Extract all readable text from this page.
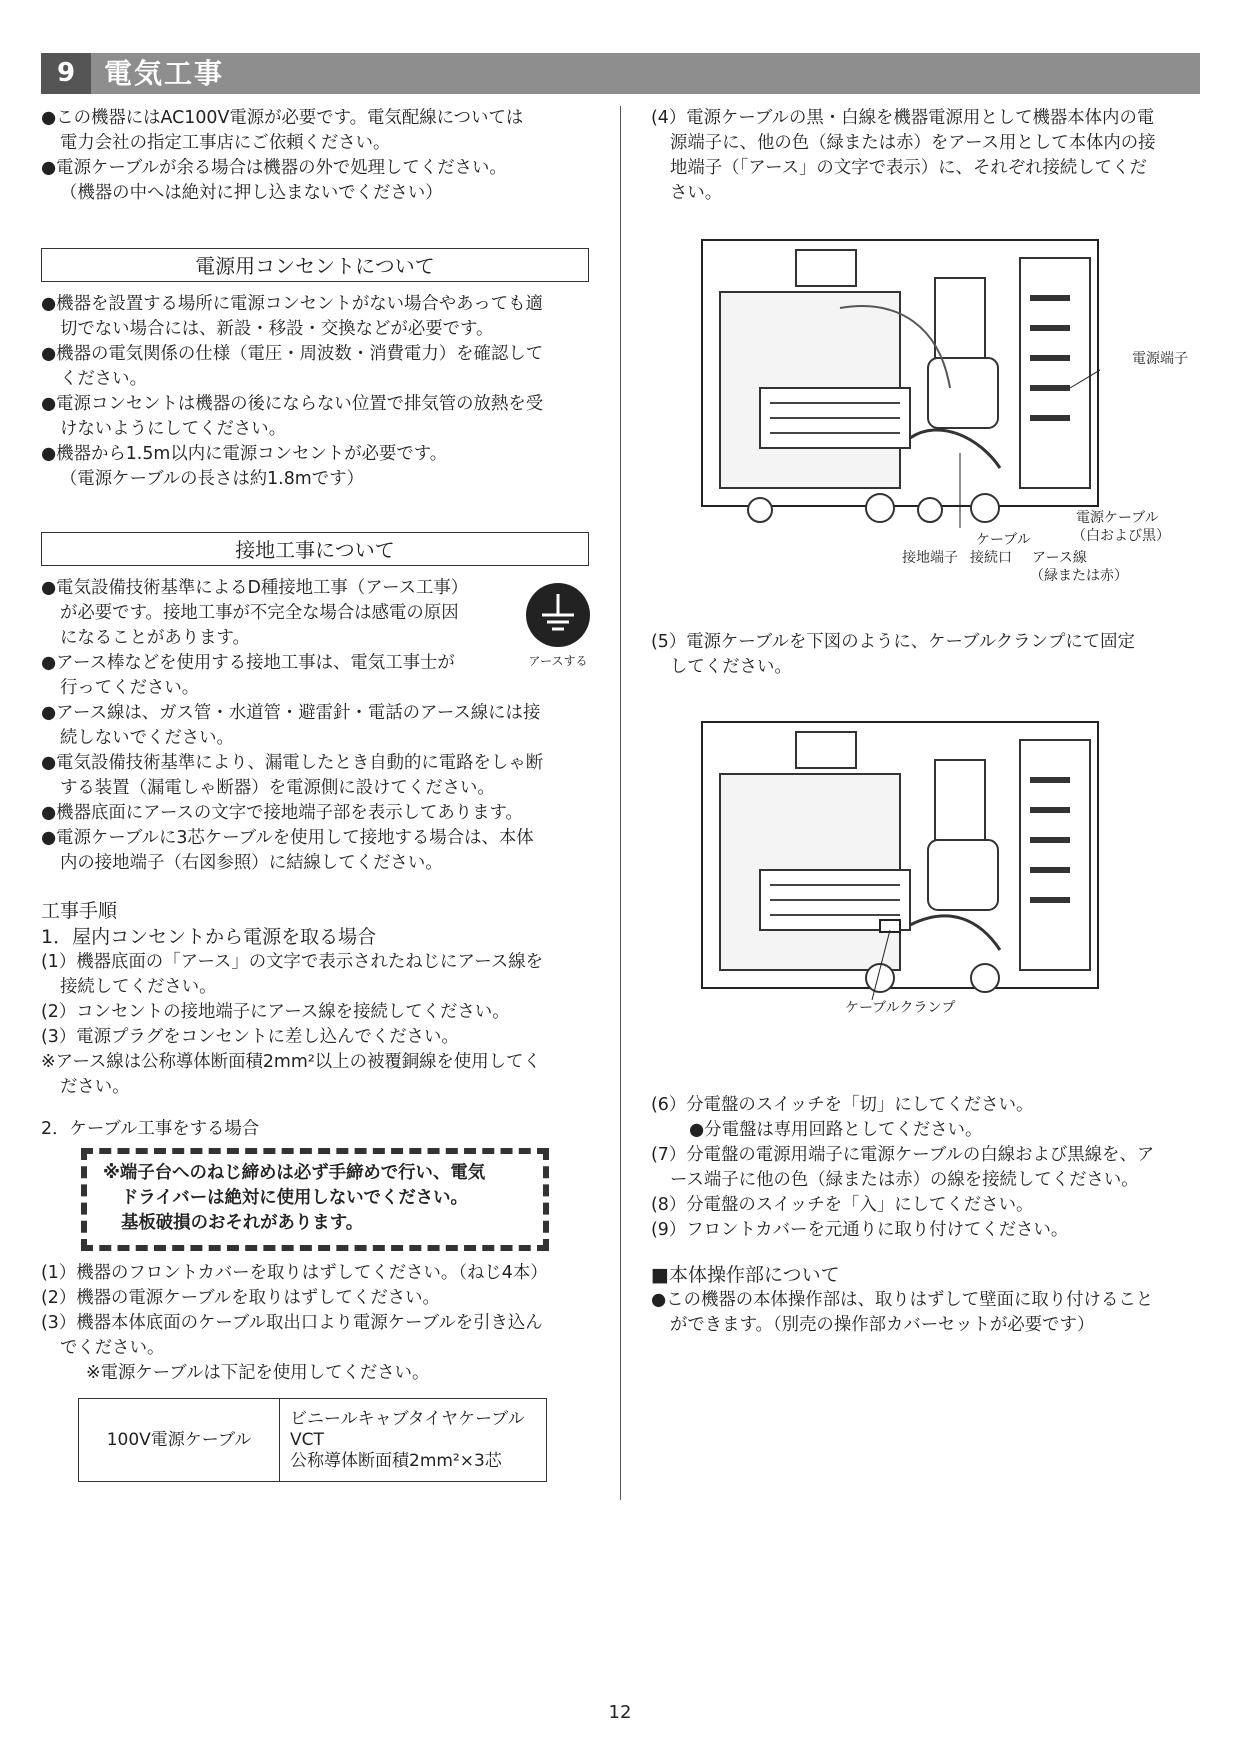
9	電気工事

●この機器にはAC100V電源が必要です。電気配線については

電力会社の指定工事店にご依頼ください。

●電源ケーブルが余る場合は機器の外で処理してください。

（機器の中へは絶対に押し込まないでください）

電源用コンセントについて

●機器を設置する場所に電源コンセントがない場合やあっても適

切でない場合には、新設・移設・交換などが必要です。

●機器の電気関係の仕様（電圧・周波数・消費電力）を確認して

ください。

●電源コンセントは機器の後にならない位置で排気管の放熱を受

けないようにしてください。

●機器から1.5m以内に電源コンセントが必要です。

（電源ケーブルの長さは約1.8mです）

接地工事について

●電気設備技術基準によるD種接地工事（アース工事）

が必要です。接地工事が不完全な場合は感電の原因

になることがあります。

●アース棒などを使用する接地工事は、電気工事士が

行ってください。

●アース線は、ガス管・水道管・避雷針・電話のアース線には接

続しないでください。

●電気設備技術基準により、漏電したとき自動的に電路をしゃ断

する装置（漏電しゃ断器）を電源側に設けてください。

●機器底面にアースの文字で接地端子部を表示してあります。

●電源ケーブルに3芯ケーブルを使用して接地する場合は、本体

内の接地端子（右図参照）に結線してください。

アースする

工事手順

1．屋内コンセントから電源を取る場合

(1）機器底面の「アース」の文字で表示されたねじにアース線を

接続してください。

(2）コンセントの接地端子にアース線を接続してください。

(3）電源プラグをコンセントに差し込んでください。

※アース線は公称導体断面積2mm²以上の被覆銅線を使用してく

ださい。

2．ケーブル工事をする場合

※端子台へのねじ締めは必ず手締めで行い、電気

ドライバーは絶対に使用しないでください。

基板破損のおそれがあります。

(1）機器のフロントカバーを取りはずしてください。（ねじ4本）

(2）機器の電源ケーブルを取りはずしてください。

(3）機器本体底面のケーブル取出口より電源ケーブルを引き込ん

でください。

※電源ケーブルは下記を使用してください。

100V電源ケーブル	
ビニールキャブタイヤケーブル
VCT
公称導体断面積2mm²×3芯

(4）電源ケーブルの黒・白線を機器電源用として機器本体内の電

源端子に、他の色（緑または赤）をアース用として本体内の接

地端子（「アース」の文字で表示）に、それぞれ接続してくだ

さい。

電源端子
電源ケーブル
（白および黒）
接地端子
ケーブル
接続口 アース線
（緑または赤）

(5）電源ケーブルを下図のように、ケーブルクランプにて固定

してください。

ケーブルクランプ

(6）分電盤のスイッチを「切」にしてください。

●分電盤は専用回路としてください。

(7）分電盤の電源用端子に電源ケーブルの白線および黒線を、ア

ース端子に他の色（緑または赤）の線を接続してください。

(8）分電盤のスイッチを「入」にしてください。

(9）フロントカバーを元通りに取り付けてください。

■本体操作部について

●この機器の本体操作部は、取りはずして壁面に取り付けること

ができます。（別売の操作部カバーセットが必要です）

12
